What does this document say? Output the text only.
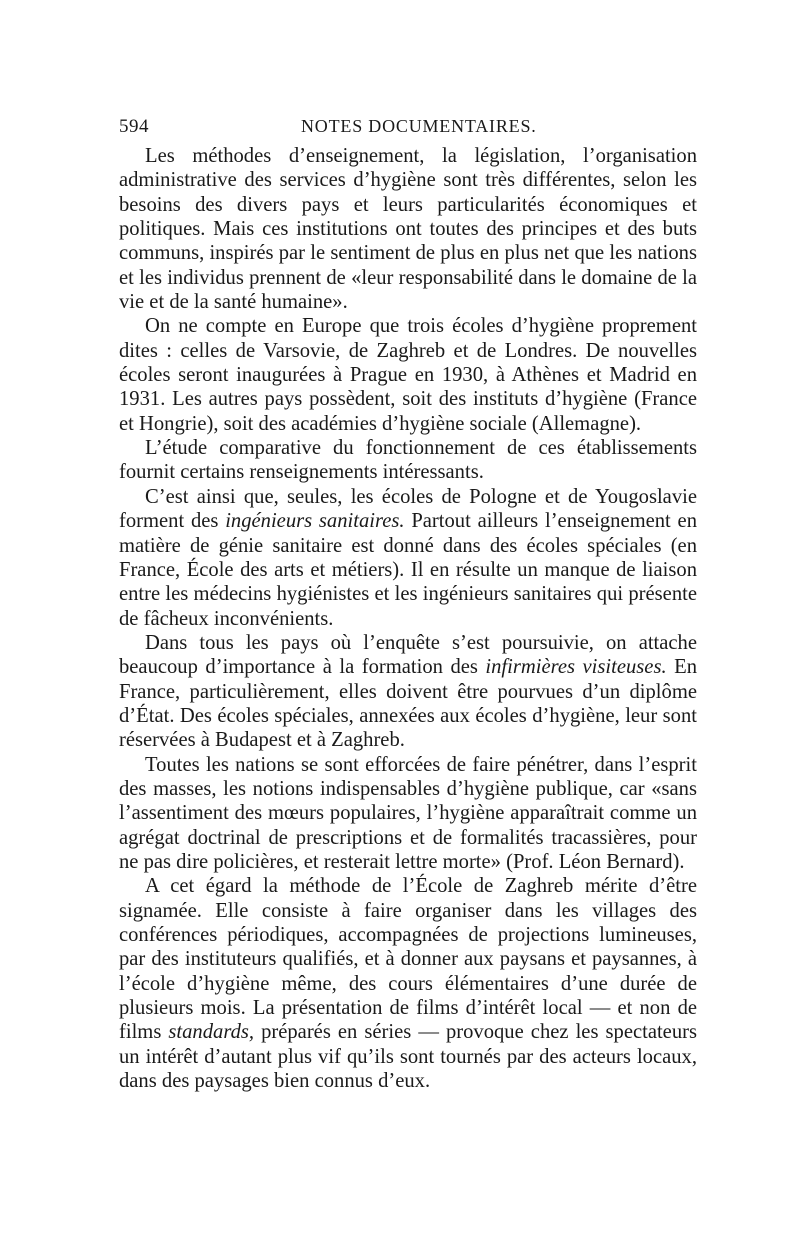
594	NOTES DOCUMENTAIRES.

Les méthodes d’enseignement, la législation, l’organisation administrative des services d’hygiène sont très différentes, selon les besoins des divers pays et leurs particularités économiques et politiques. Mais ces institutions ont toutes des principes et des buts communs, inspirés par le sentiment de plus en plus net que les nations et les individus prennent de «leur responsabilité dans le domaine de la vie et de la santé humaine».

On ne compte en Europe que trois écoles d’hygiène proprement dites : celles de Varsovie, de Zaghreb et de Londres. De nouvelles écoles seront inaugurées à Prague en 1930, à Athènes et Madrid en 1931. Les autres pays possèdent, soit des instituts d’hygiène (France et Hongrie), soit des académies d’hygiène sociale (Allemagne).

L’étude comparative du fonctionnement de ces établissements fournit certains renseignements intéressants.

C’est ainsi que, seules, les écoles de Pologne et de Yougoslavie forment des ingénieurs sanitaires. Partout ailleurs l’enseignement en matière de génie sanitaire est donné dans des écoles spéciales (en France, École des arts et métiers). Il en résulte un manque de liaison entre les médecins hygiénistes et les ingénieurs sanitaires qui présente de fâcheux inconvénients.

Dans tous les pays où l’enquête s’est poursuivie, on attache beaucoup d’importance à la formation des infirmières visiteuses. En France, particulièrement, elles doivent être pourvues d’un diplôme d’État. Des écoles spéciales, annexées aux écoles d’hygiène, leur sont réservées à Budapest et à Zaghreb.

Toutes les nations se sont efforcées de faire pénétrer, dans l’esprit des masses, les notions indispensables d’hygiène publique, car «sans l’assentiment des mœurs populaires, l’hygiène apparaîtrait comme un agrégat doctrinal de prescriptions et de formalités tracassières, pour ne pas dire policières, et resterait lettre morte» (Prof. Léon Bernard).

A cet égard la méthode de l’École de Zaghreb mérite d’être signamée. Elle consiste à faire organiser dans les villages des conférences périodiques, accompagnées de projections lumineuses, par des instituteurs qualifiés, et à donner aux paysans et paysannes, à l’école d’hygiène même, des cours élémentaires d’une durée de plusieurs mois. La présentation de films d’intérêt local — et non de films standards, préparés en séries — provoque chez les spectateurs un intérêt d’autant plus vif qu’ils sont tournés par des acteurs locaux, dans des paysages bien connus d’eux.
